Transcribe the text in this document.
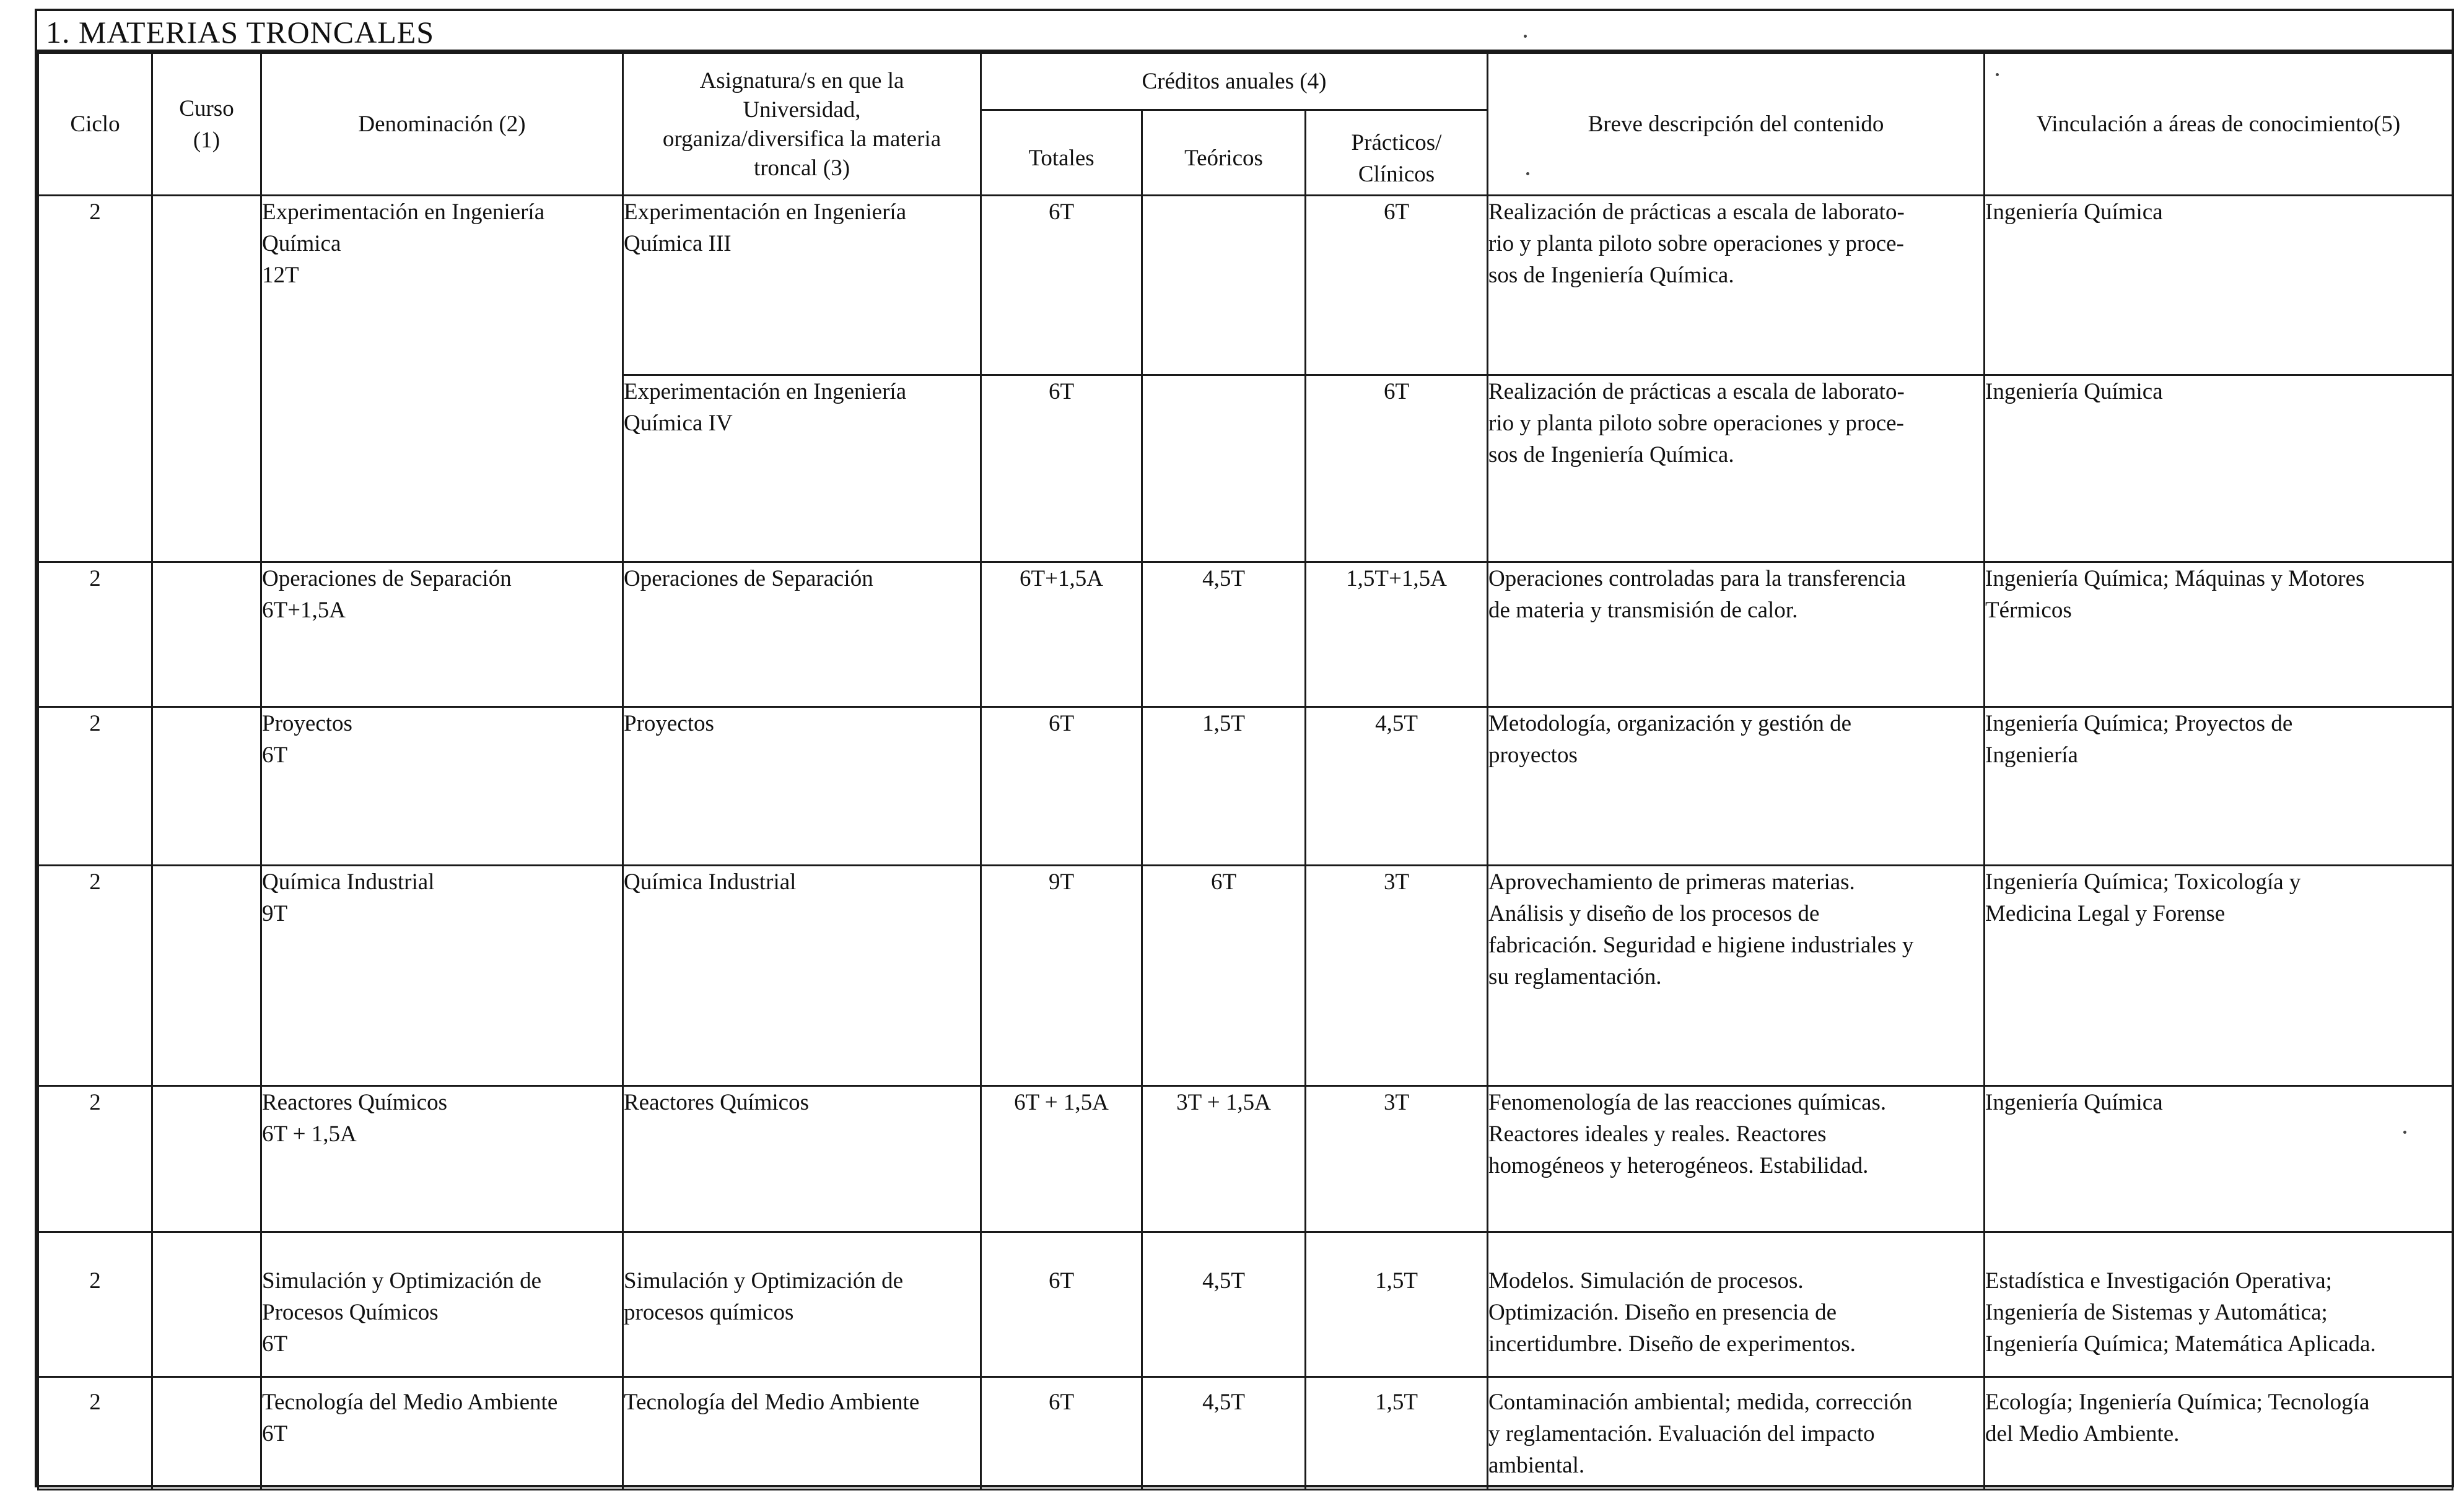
1. MATERIAS TRONCALES
Ciclo	Curso
(1)	Denominación (2)	Asignatura/s en que la
Universidad,
organiza/diversifica la materia
troncal (3)	Créditos anuales (4)			Breve descripción del contenido	Vinculación a áreas de conocimiento(5)
				Totales	Teóricos	Prácticos/
Clínicos		

2		Experimentación en Ingeniería
Química
12T	Experimentación en Ingeniería
Química III	6T		6T	Realización de prácticas a escala de laborato-
rio y planta piloto sobre operaciones y proce-
sos de Ingeniería Química.	Ingeniería Química

			Experimentación en Ingeniería
Química IV	6T		6T	Realización de prácticas a escala de laborato-
rio y planta piloto sobre operaciones y proce-
sos de Ingeniería Química.	Ingeniería Química

2		Operaciones de Separación
6T+1,5A	Operaciones de Separación	6T+1,5A	4,5T	1,5T+1,5A	Operaciones controladas para la transferencia
de materia y transmisión de calor.	Ingeniería Química; Máquinas y Motores
Térmicos

2		Proyectos
6T	Proyectos	6T	1,5T	4,5T	Metodología, organización y gestión de
proyectos	Ingeniería Química; Proyectos de
Ingeniería

2		Química Industrial
9T	Química Industrial	9T	6T	3T	Aprovechamiento de primeras materias.
Análisis y diseño de los procesos de
fabricación. Seguridad e higiene industriales y
su reglamentación.	Ingeniería Química; Toxicología y
Medicina Legal y Forense

2		Reactores Químicos
6T + 1,5A	Reactores Químicos	6T + 1,5A	3T + 1,5A	3T	Fenomenología de las reacciones químicas.
Reactores ideales y reales. Reactores
homogéneos y heterogéneos. Estabilidad.	Ingeniería Química

2		Simulación y Optimización de
Procesos Químicos
6T	Simulación y Optimización de
procesos químicos	6T	4,5T	1,5T	Modelos. Simulación de procesos.
Optimización. Diseño en presencia de
incertidumbre. Diseño de experimentos.	Estadística e Investigación Operativa;
Ingeniería de Sistemas y Automática;
Ingeniería Química; Matemática Aplicada.

2		Tecnología del Medio Ambiente
6T	Tecnología del Medio Ambiente	6T	4,5T	1,5T	Contaminación ambiental; medida, corrección
y reglamentación. Evaluación del impacto
ambiental.	Ecología; Ingeniería Química; Tecnología
del Medio Ambiente.
